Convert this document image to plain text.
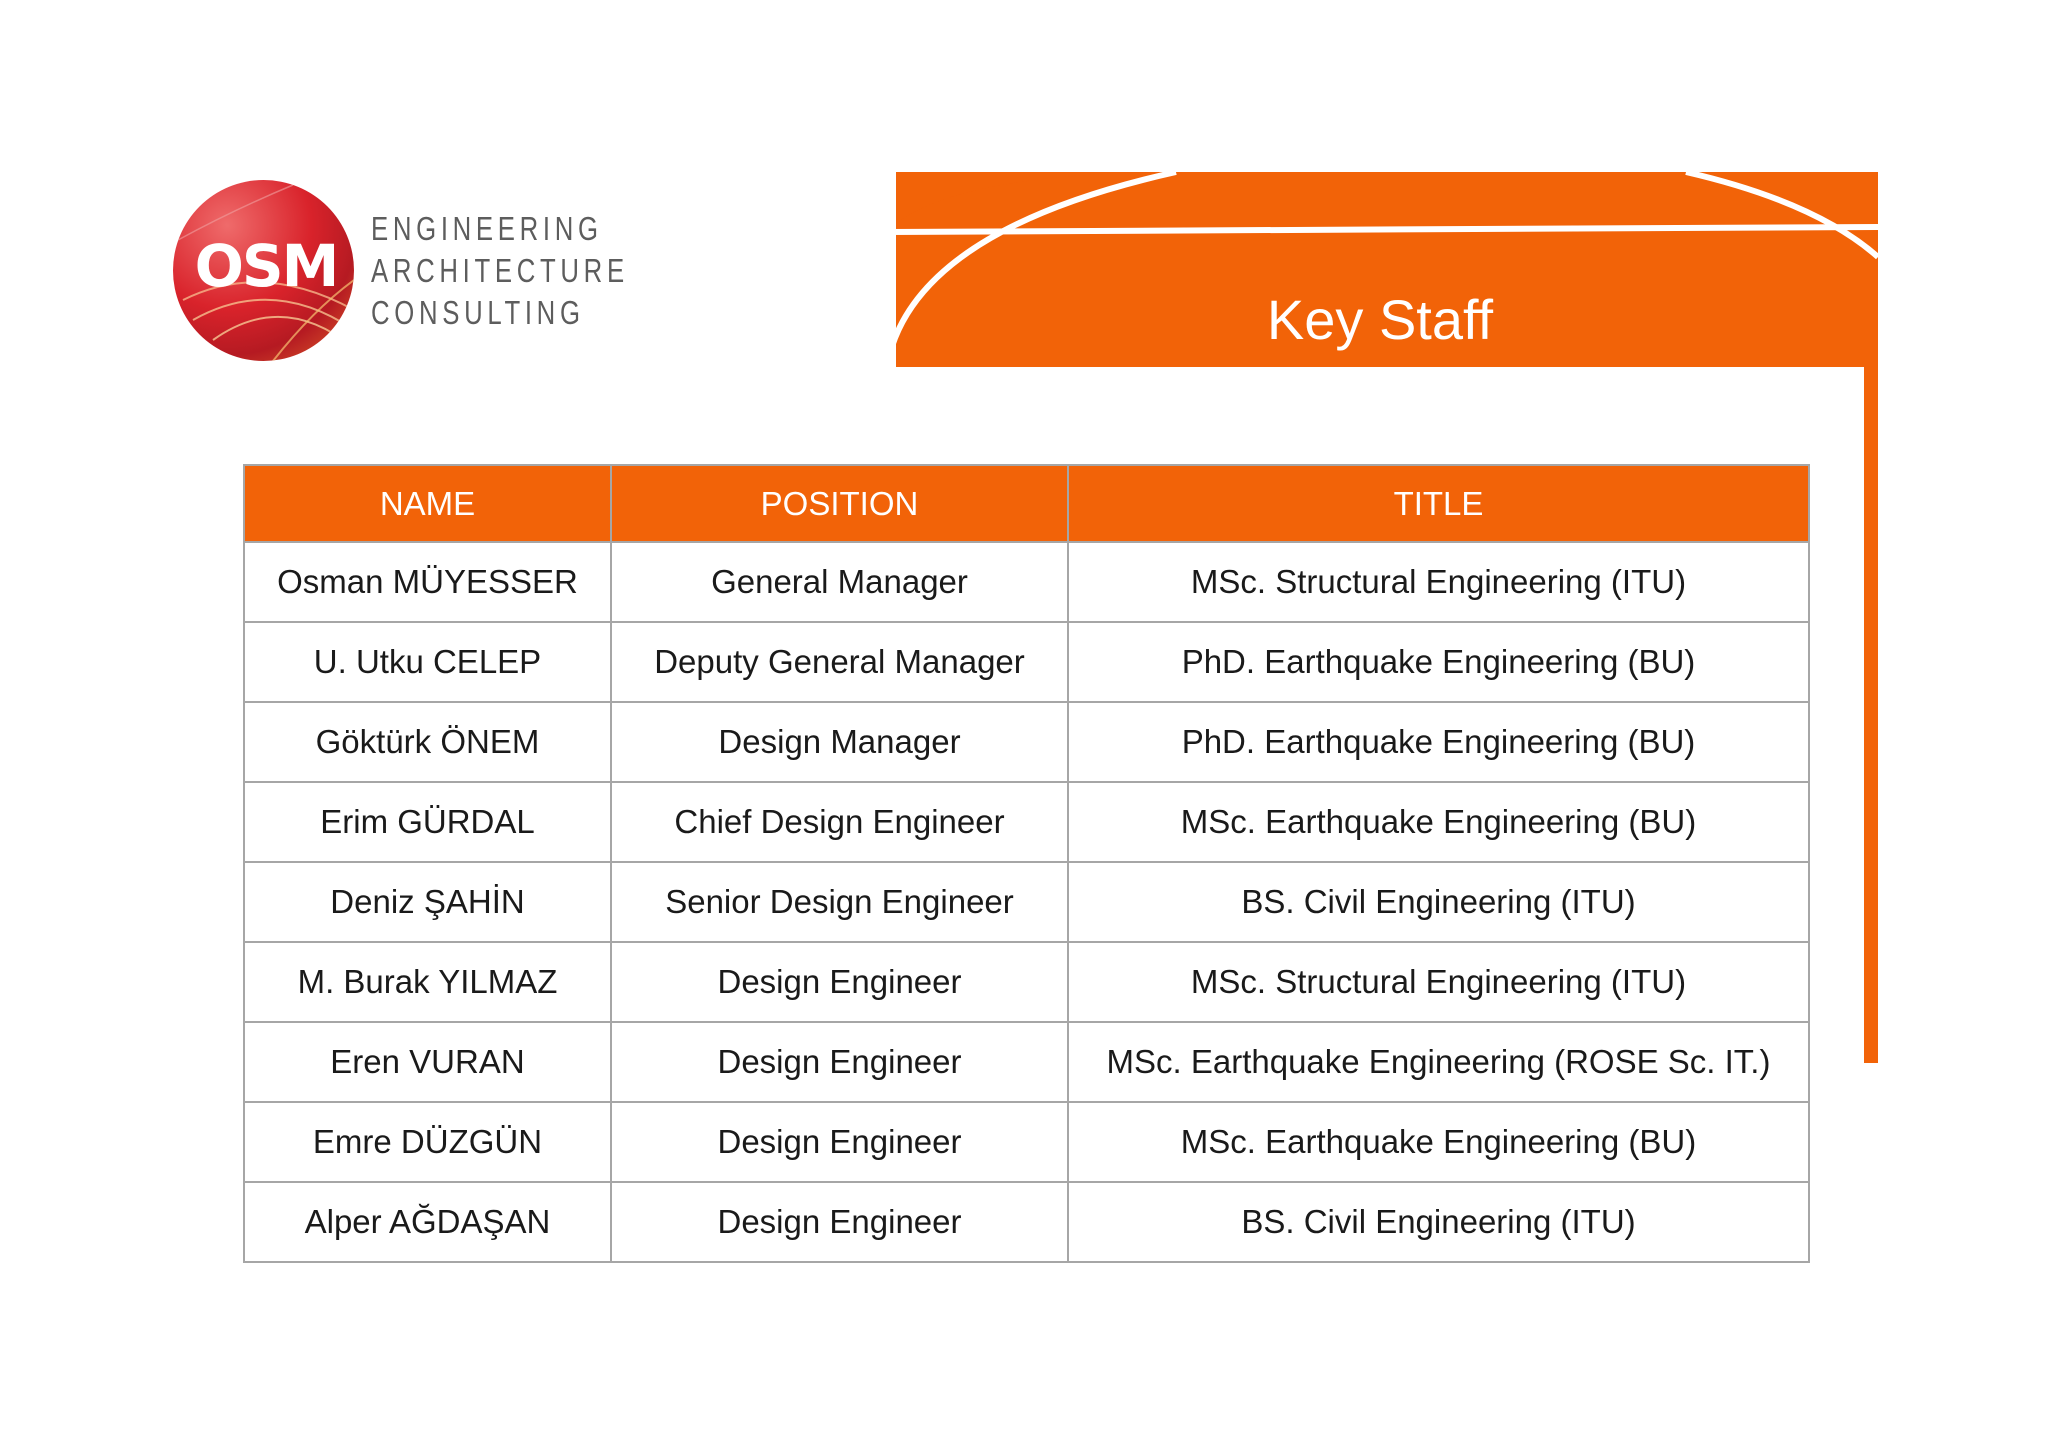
OSM
ENGINEERING
ARCHITECTURE
CONSULTING	Key Staff
NAME	POSITION	TITLE
Osman MÜYESSER	General Manager	MSc. Structural Engineering (ITU)
U. Utku CELEP	Deputy General Manager	PhD. Earthquake Engineering (BU)
Göktürk ÖNEM	Design Manager	PhD. Earthquake Engineering (BU)
Erim GÜRDAL	Chief Design Engineer	MSc. Earthquake Engineering (BU)
Deniz ŞAHİN	Senior Design Engineer	BS. Civil Engineering (ITU)
M. Burak YILMAZ	Design Engineer	MSc. Structural Engineering (ITU)
Eren VURAN	Design Engineer	MSc. Earthquake Engineering (ROSE Sc. IT.)
Emre DÜZGÜN	Design Engineer	MSc. Earthquake Engineering (BU)
Alper AĞDAŞAN	Design Engineer	BS. Civil Engineering (ITU)
